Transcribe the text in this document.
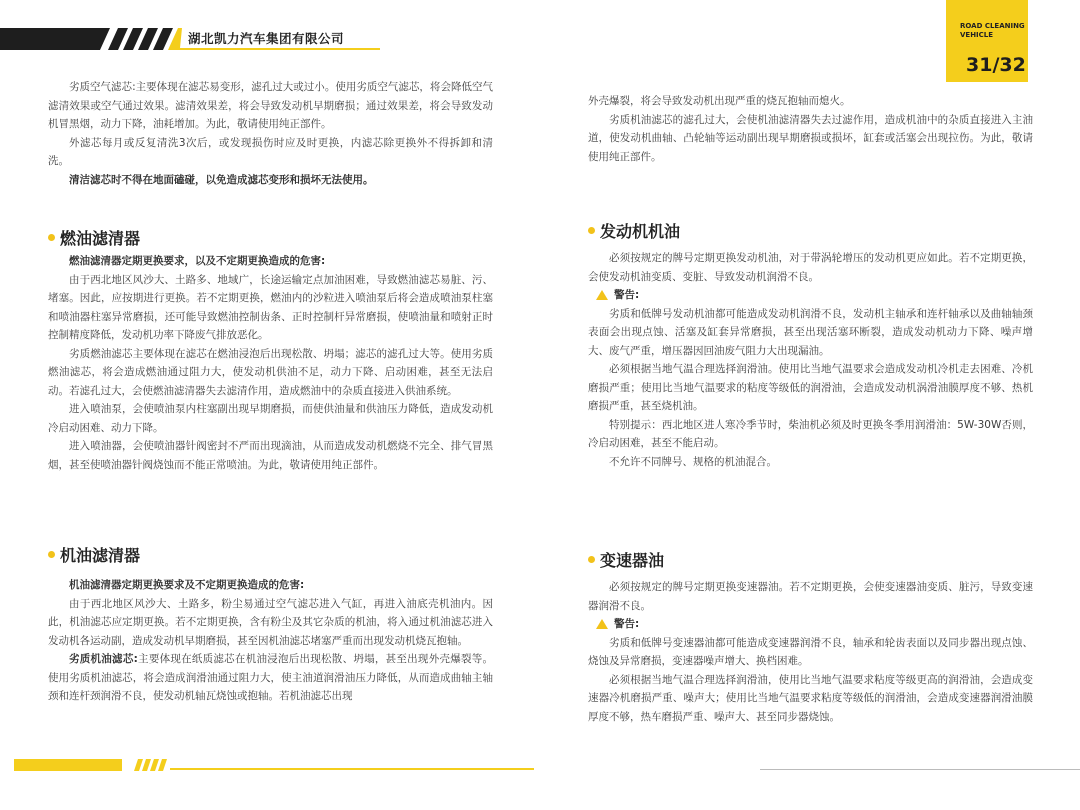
湖北凯力汽车集团有限公司
ROAD CLEANING
VEHICLE
31/32

劣质空气滤芯:主要体现在滤芯易变形，滤孔过大或过小。使用劣质空气滤芯，将会降低空气滤清效果或空气通过效果。滤清效果差，将会导致发动机早期磨损；通过效果差，将会导致发动机冒黑烟，动力下降，油耗增加。为此，敬请使用纯正部件。

外滤芯每月或反复清洗3次后，或发现损伤时应及时更换，内滤芯除更换外不得拆卸和清洗。

清洁滤芯时不得在地面磕碰，以免造成滤芯变形和损坏无法使用。

燃油滤清器

燃油滤清器定期更换要求，以及不定期更换造成的危害:

由于西北地区风沙大、土路多、地域广，长途运输定点加油困难，导致燃油滤芯易脏、污、堵塞。因此，应按期进行更换。若不定期更换，燃油内的沙粒进入喷油泵后将会造成喷油泵柱塞和喷油器柱塞异常磨损，还可能导致燃油控制齿条、正时控制杆异常磨损，使喷油量和喷射正时控制精度降低，发动机功率下降废气排放恶化。

劣质燃油滤芯主要体现在滤芯在燃油浸泡后出现松散、坍塌；滤芯的滤孔过大等。使用劣质燃油滤芯，将会造成燃油通过阻力大，使发动机供油不足，动力下降、启动困难，甚至无法启动。若滤孔过大，会使燃油滤清器失去滤清作用，造成燃油中的杂质直接进入供油系统。

进入喷油泵，会使喷油泵内柱塞副出现早期磨损，而使供油量和供油压力降低，造成发动机冷启动困难、动力下降。

进入喷油器，会使喷油器针阀密封不严而出现滴油，从而造成发动机燃烧不完全、排气冒黑烟，甚至使喷油器针阀烧蚀而不能正常喷油。为此，敬请使用纯正部件。

机油滤清器

机油滤清器定期更换要求及不定期更换造成的危害:

由于西北地区风沙大、土路多，粉尘易通过空气滤芯进入气缸，再进入油底壳机油内。因此，机油滤芯应定期更换。若不定期更换，含有粉尘及其它杂质的机油，将入通过机油滤芯进入发动机各运动副，造成发动机早期磨损，甚至因机油滤芯堵塞严重而出现发动机烧瓦抱轴。

劣质机油滤芯:主要体现在纸质滤芯在机油浸泡后出现松散、坍塌，甚至出现外壳爆裂等。使用劣质机油滤芯，将会造成润滑油通过阻力大，使主油道润滑油压力降低，从而造成曲轴主轴颈和连杆颈润滑不良，使发动机轴瓦烧蚀或抱轴。若机油滤芯出现

外壳爆裂，将会导致发动机出现严重的烧瓦抱轴而熄火。

劣质机油滤芯的滤孔过大，会使机油滤清器失去过滤作用，造成机油中的杂质直接进入主油道，使发动机曲轴、凸轮轴等运动副出现早期磨损或损坏，缸套或活塞会出现拉伤。为此，敬请使用纯正部件。

发动机机油

必须按规定的牌号定期更换发动机油，对于带涡轮增压的发动机更应如此。若不定期更换，会使发动机油变质、变脏、导致发动机润滑不良。

警告:

劣质和低牌号发动机油都可能造成发动机润滑不良，发动机主轴承和连杆轴承以及曲轴轴颈表面会出现点蚀、活塞及缸套异常磨损，甚至出现活塞环断裂，造成发动机动力下降、噪声增大、废气严重，增压器因回油废气阻力大出现漏油。

必须根据当地气温合理选择润滑油。使用比当地气温要求会造成发动机冷机走去困难、冷机磨损严重；使用比当地气温要求的粘度等级低的润滑油，会造成发动机涡滑油膜厚度不够、热机磨损严重，甚至烧机油。

特别提示：西北地区进人寒冷季节时，柴油机必须及时更换冬季用润滑油：5W-30W否则，冷启动困难，甚至不能启动。

不允许不同牌号、规格的机油混合。

变速器油

必须按规定的牌号定期更换变速器油。若不定期更换，会使变速器油变质、脏污，导致变速器润滑不良。

警告:

劣质和低牌号变速器油都可能造成变速器润滑不良，轴承和轮齿表面以及同步器出现点蚀、烧蚀及异常磨损，变速器噪声增大、换档困难。

必须根据当地气温合理选择润滑油，使用比当地气温要求粘度等级更高的润滑油，会造成变速器冷机磨损严重、噪声大；使用比当地气温要求粘度等级低的润滑油，会造成变速器润滑油膜厚度不够，热车磨损严重、噪声大、甚至同步器烧蚀。
